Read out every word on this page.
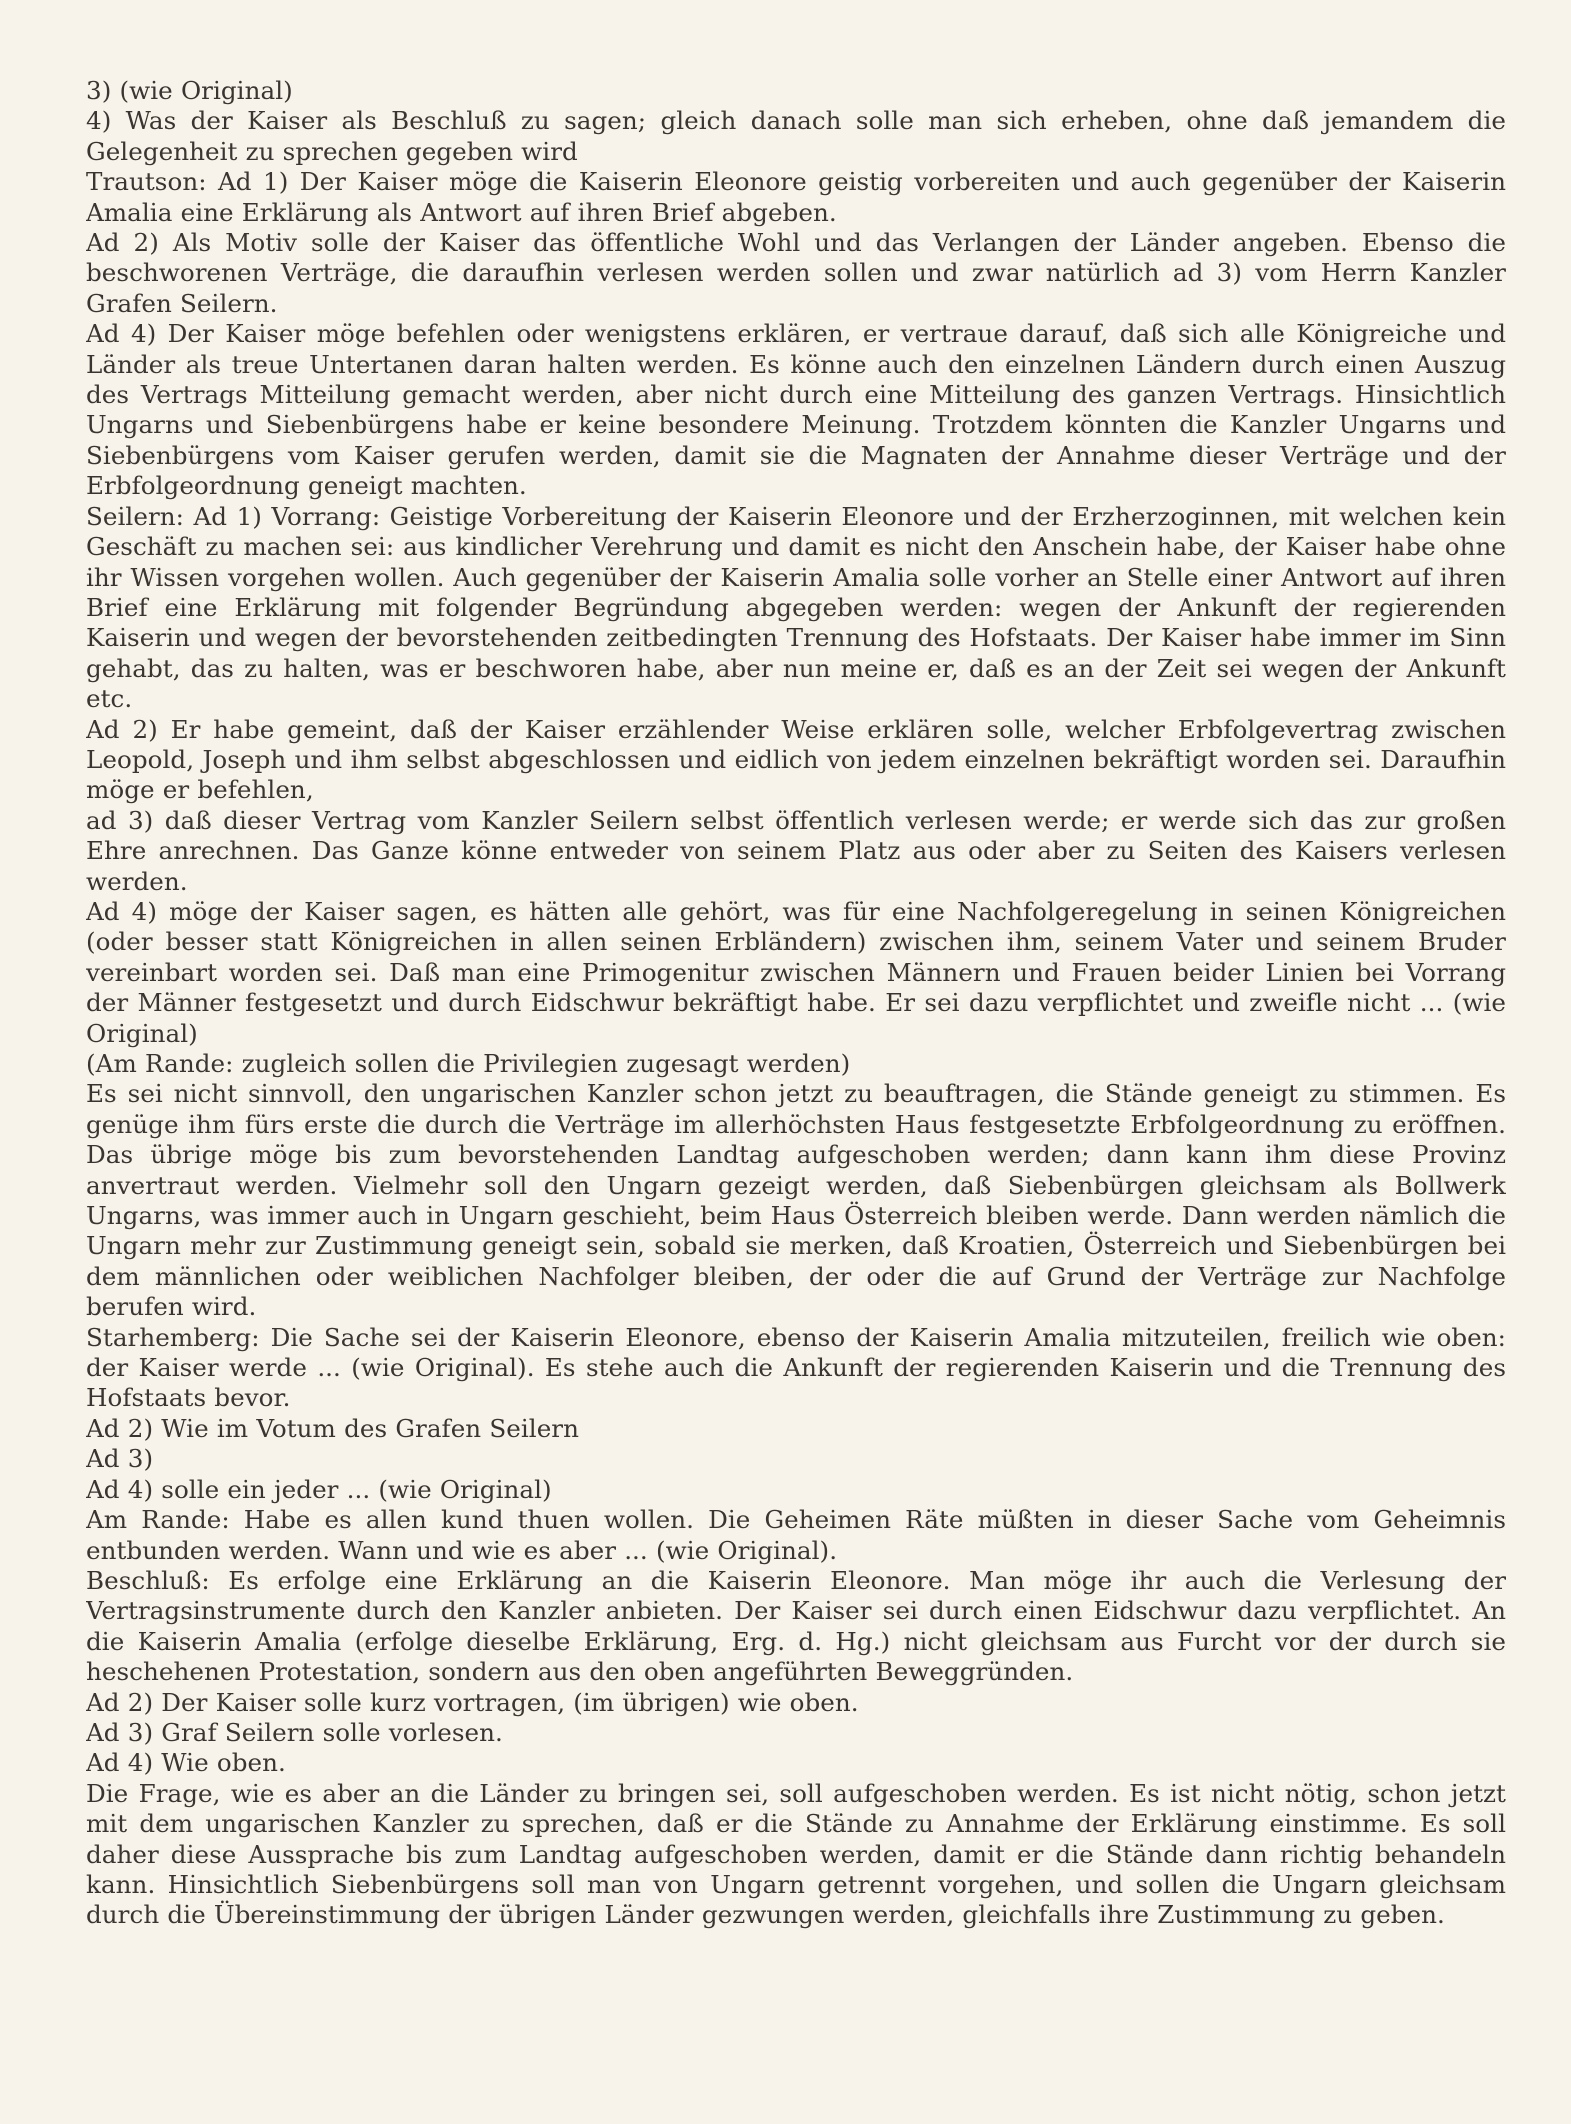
3) (wie Original)

4) Was der Kaiser als Beschluß zu sagen; gleich danach solle man sich erheben, ohne daß jemandem die Gelegenheit zu sprechen gegeben wird

Trautson: Ad 1) Der Kaiser möge die Kaiserin Eleonore geistig vorbereiten und auch gegenüber der Kaiserin Amalia eine Erklärung als Antwort auf ihren Brief abgeben.

Ad 2) Als Motiv solle der Kaiser das öffentliche Wohl und das Verlangen der Länder angeben. Ebenso die beschworenen Verträge, die daraufhin verlesen werden sollen und zwar natürlich ad 3) vom Herrn Kanzler Grafen Seilern.

Ad 4) Der Kaiser möge befehlen oder wenigstens erklären, er vertraue darauf, daß sich alle Königreiche und Länder als treue Untertanen daran halten werden. Es könne auch den einzelnen Ländern durch einen Auszug des Vertrags Mitteilung gemacht werden, aber nicht durch eine Mitteilung des ganzen Vertrags. Hinsichtlich Ungarns und Siebenbürgens habe er keine besondere Meinung. Trotzdem könnten die Kanzler Ungarns und Siebenbürgens vom Kaiser gerufen werden, damit sie die Magnaten der Annahme dieser Verträge und der Erbfolgeordnung geneigt machten.

Seilern: Ad 1) Vorrang: Geistige Vorbereitung der Kaiserin Eleonore und der Erzherzoginnen, mit welchen kein Geschäft zu machen sei: aus kindlicher Verehrung und damit es nicht den Anschein habe, der Kaiser habe ohne ihr Wissen vorgehen wollen. Auch gegenüber der Kaiserin Amalia solle vorher an Stelle einer Antwort auf ihren Brief eine Erklärung mit folgender Begründung abgegeben werden: wegen der Ankunft der regierenden Kaiserin und wegen der bevorstehenden zeitbedingten Trennung des Hofstaats. Der Kaiser habe immer im Sinn gehabt, das zu halten, was er beschworen habe, aber nun meine er, daß es an der Zeit sei wegen der Ankunft etc.

Ad 2) Er habe gemeint, daß der Kaiser erzählender Weise erklären solle, welcher Erbfolgevertrag zwischen Leopold, Joseph und ihm selbst abgeschlossen und eidlich von jedem einzelnen bekräftigt worden sei. Daraufhin möge er befehlen,

ad 3) daß dieser Vertrag vom Kanzler Seilern selbst öffentlich verlesen werde; er werde sich das zur großen Ehre anrechnen. Das Ganze könne entweder von seinem Platz aus oder aber zu Seiten des Kaisers verlesen werden.

Ad 4) möge der Kaiser sagen, es hätten alle gehört, was für eine Nachfolgeregelung in seinen Königreichen (oder besser statt Königreichen in allen seinen Erbländern) zwischen ihm, seinem Vater und seinem Bruder vereinbart worden sei. Daß man eine Primogenitur zwischen Männern und Frauen beider Linien bei Vorrang der Männer festgesetzt und durch Eidschwur bekräftigt habe. Er sei dazu verpflichtet und zweifle nicht ... (wie Original)

(Am Rande: zugleich sollen die Privilegien zugesagt werden)

Es sei nicht sinnvoll, den ungarischen Kanzler schon jetzt zu beauftragen, die Stände geneigt zu stimmen. Es genüge ihm fürs erste die durch die Verträge im allerhöchsten Haus festgesetzte Erbfolgeordnung zu eröffnen. Das übrige möge bis zum bevorstehenden Landtag aufgeschoben werden; dann kann ihm diese Provinz anvertraut werden. Vielmehr soll den Ungarn gezeigt werden, daß Siebenbürgen gleichsam als Bollwerk Ungarns, was immer auch in Ungarn geschieht, beim Haus Österreich bleiben werde. Dann werden nämlich die Ungarn mehr zur Zustimmung geneigt sein, sobald sie merken, daß Kroatien, Österreich und Siebenbürgen bei dem männlichen oder weiblichen Nachfolger bleiben, der oder die auf Grund der Verträge zur Nachfolge berufen wird.

Starhemberg: Die Sache sei der Kaiserin Eleonore, ebenso der Kaiserin Amalia mitzuteilen, freilich wie oben: der Kaiser werde ... (wie Original). Es stehe auch die Ankunft der regierenden Kaiserin und die Trennung des Hofstaats bevor.

Ad 2) Wie im Votum des Grafen Seilern

Ad 3)

Ad 4) solle ein jeder ... (wie Original)

Am Rande: Habe es allen kund thuen wollen. Die Geheimen Räte müßten in dieser Sache vom Geheimnis entbunden werden. Wann und wie es aber ... (wie Original).

Beschluß: Es erfolge eine Erklärung an die Kaiserin Eleonore. Man möge ihr auch die Verlesung der Vertragsinstrumente durch den Kanzler anbieten. Der Kaiser sei durch einen Eidschwur dazu verpflichtet. An die Kaiserin Amalia (erfolge dieselbe Erklärung, Erg. d. Hg.) nicht gleichsam aus Furcht vor der durch sie heschehenen Protestation, sondern aus den oben angeführten Beweggründen.

Ad 2) Der Kaiser solle kurz vortragen, (im übrigen) wie oben.

Ad 3) Graf Seilern solle vorlesen.

Ad 4) Wie oben.

Die Frage, wie es aber an die Länder zu bringen sei, soll aufgeschoben werden. Es ist nicht nötig, schon jetzt mit dem ungarischen Kanzler zu sprechen, daß er die Stände zu Annahme der Erklärung einstimme. Es soll daher diese Aussprache bis zum Landtag aufgeschoben werden, damit er die Stände dann richtig behandeln kann. Hinsichtlich Siebenbürgens soll man von Ungarn getrennt vorgehen, und sollen die Ungarn gleichsam durch die Übereinstimmung der übrigen Länder gezwungen werden, gleichfalls ihre Zustimmung zu geben.
